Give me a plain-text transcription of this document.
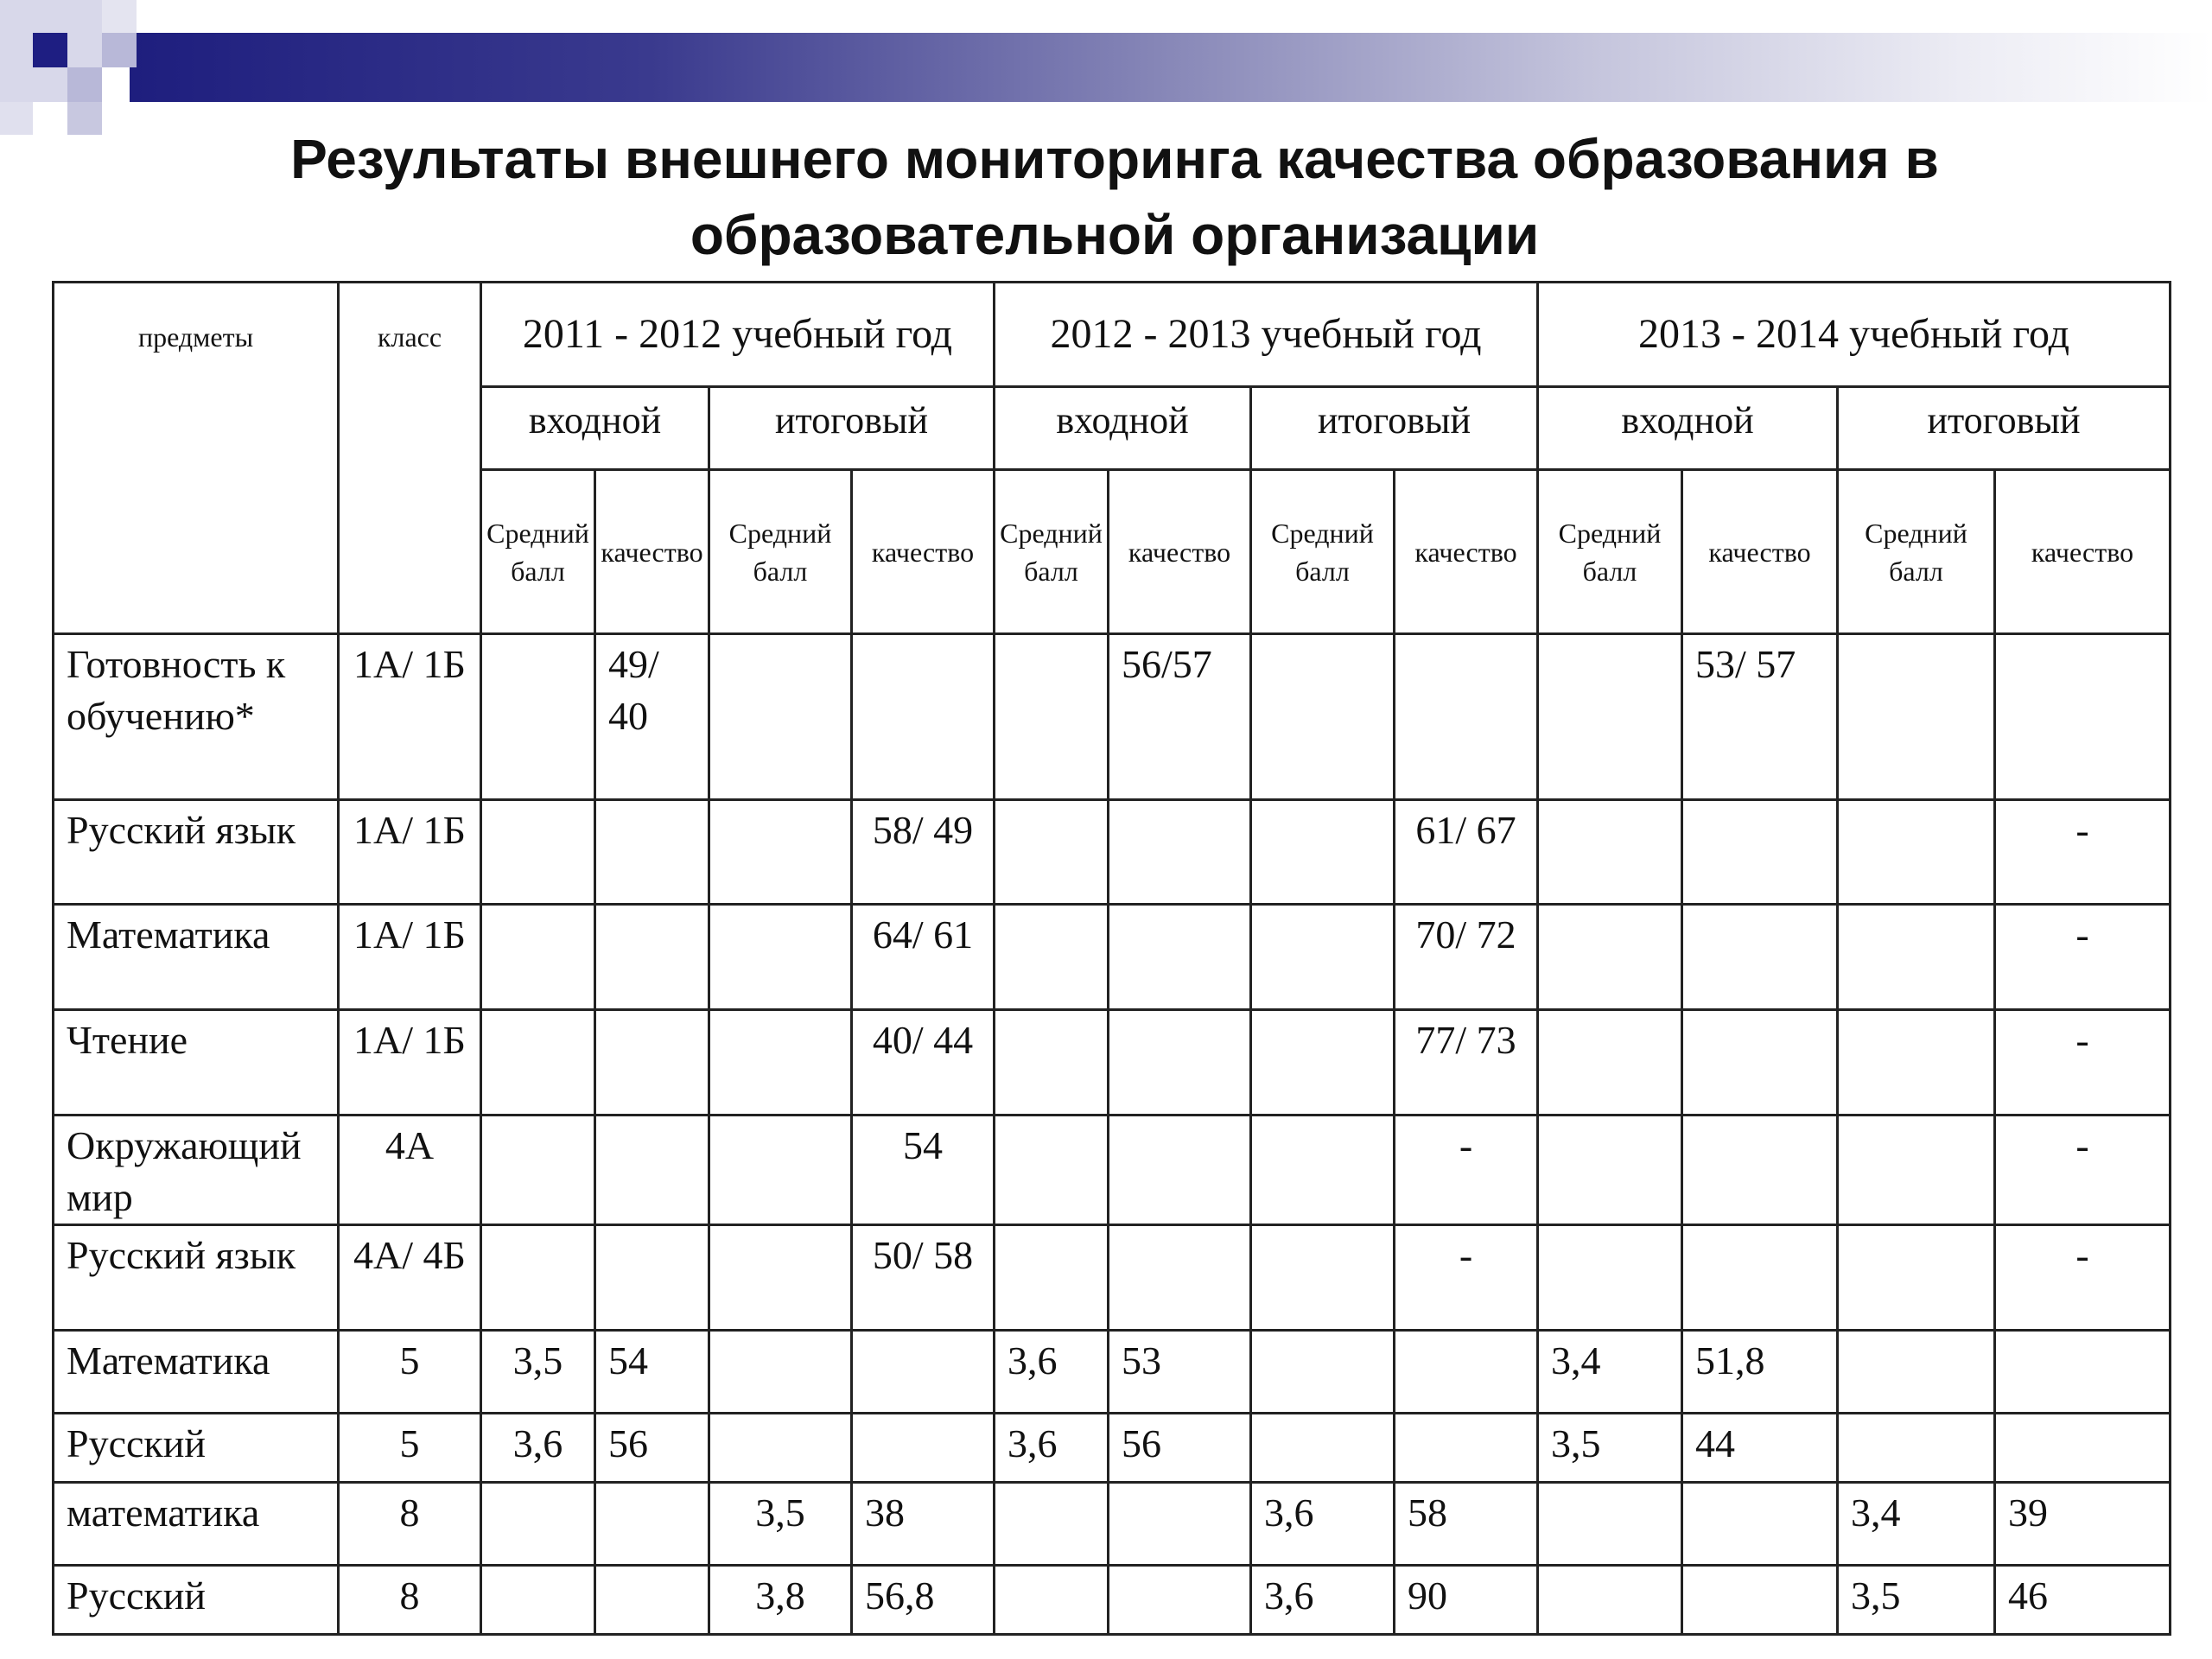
Результаты внешнего мониторинга качества образования в образовательной организации
предметы	класс	2011 - 2012 учебный год				2012 - 2013 учебный год				2013 - 2014 учебный год			
		входной		итоговый		входной		итоговый		входной		итоговый	
		Средний балл	качество	Средний балл	качество	Средний балл	качество	Средний балл	качество	Средний балл	качество	Средний балл	качество
Готовность к обучению*	1А/ 1Б		49/ 40				56/57				53/ 57		
Русский язык	1А/ 1Б				58/ 49				61/ 67				-
Математика	1А/ 1Б				64/ 61				70/ 72				-
Чтение	1А/ 1Б				40/ 44				77/ 73				-
Окружающий мир	4А				54				-				-
Русский язык	4А/ 4Б				50/ 58				-				-
Математика	5	3,5	54			3,6	53			3,4	51,8		
Русский	5	3,6	56			3,6	56			3,5	44		
математика	8			3,5	38			3,6	58			3,4	39
Русский	8			3,8	56,8			3,6	90			3,5	46
